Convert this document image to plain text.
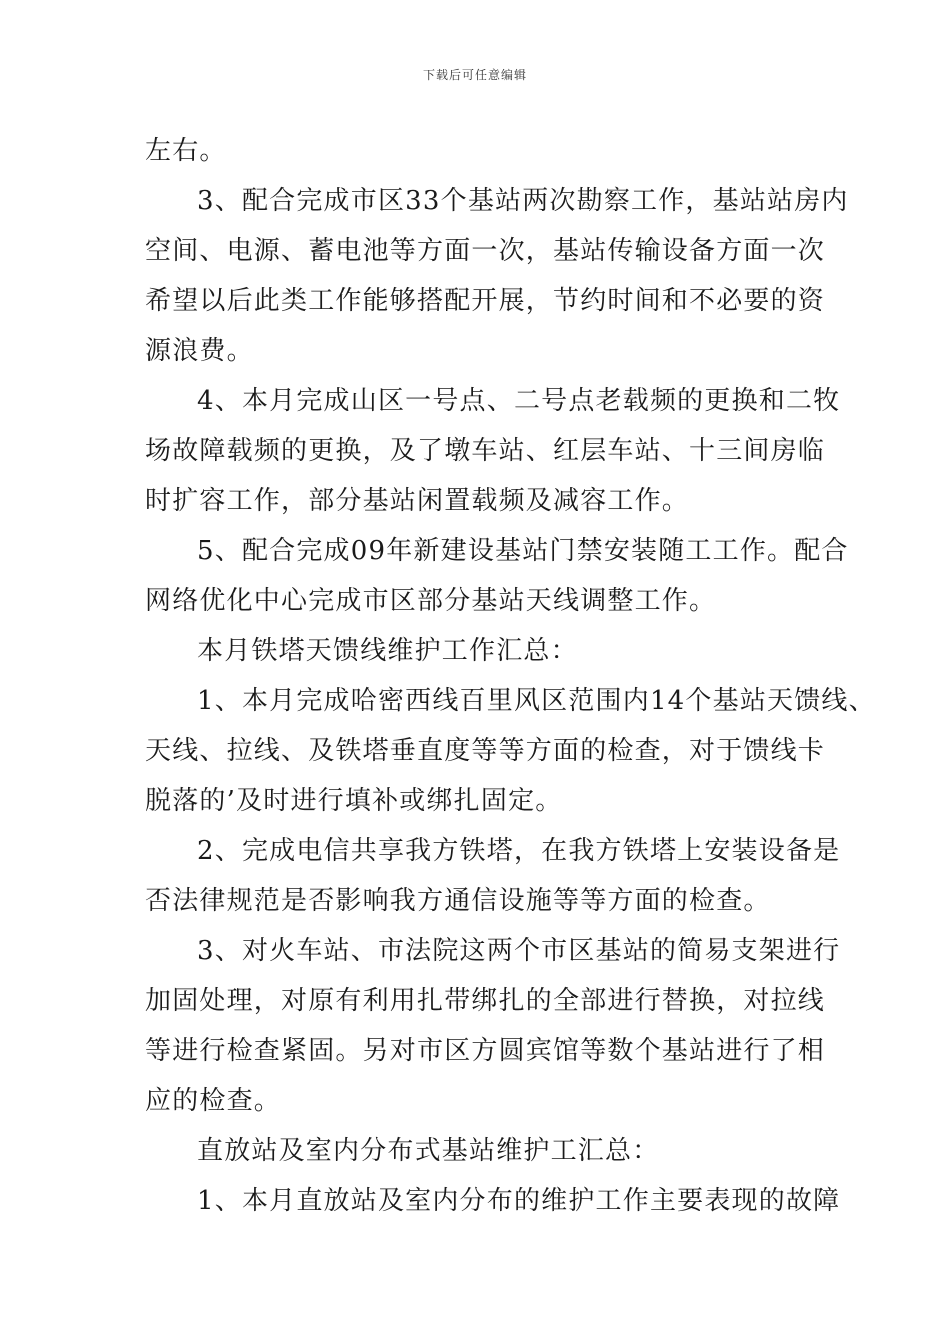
下载后可任意编辑

左右。

3、配合完成市区33个基站两次勘察工作，基站站房内
空间、电源、蓄电池等方面一次，基站传输设备方面一次
希望以后此类工作能够搭配开展，节约时间和不必要的资
源浪费。

4、本月完成山区一号点、二号点老载频的更换和二牧
场故障载频的更换，及了墩车站、红层车站、十三间房临
时扩容工作，部分基站闲置载频及减容工作。

5、配合完成09年新建设基站门禁安装随工工作。配合
网络优化中心完成市区部分基站天线调整工作。

本月铁塔天馈线维护工作汇总：

1、本月完成哈密西线百里风区范围内14个基站天馈线、
天线、拉线、及铁塔垂直度等等方面的检查，对于馈线卡
脱落的’及时进行填补或绑扎固定。

2、完成电信共享我方铁塔，在我方铁塔上安装设备是
否法律规范是否影响我方通信设施等等方面的检查。

3、对火车站、市法院这两个市区基站的简易支架进行
加固处理，对原有利用扎带绑扎的全部进行替换，对拉线
等进行检查紧固。另对市区方圆宾馆等数个基站进行了相
应的检查。

直放站及室内分布式基站维护工汇总：

1、本月直放站及室内分布的维护工作主要表现的故障
